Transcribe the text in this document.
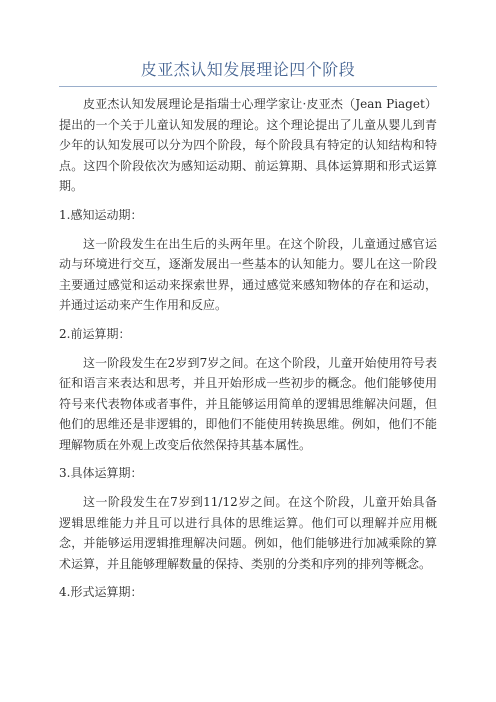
皮亚杰认知发展理论四个阶段

皮亚杰认知发展理论是指瑞士心理学家让·皮亚杰（Jean Piaget）提出的一个关于儿童认知发展的理论。这个理论提出了儿童从婴儿到青少年的认知发展可以分为四个阶段，每个阶段具有特定的认知结构和特点。这四个阶段依次为感知运动期、前运算期、具体运算期和形式运算期。

1.感知运动期：

这一阶段发生在出生后的头两年里。在这个阶段，儿童通过感官运动与环境进行交互，逐渐发展出一些基本的认知能力。婴儿在这一阶段主要通过感觉和运动来探索世界，通过感觉来感知物体的存在和运动，并通过运动来产生作用和反应。

2.前运算期：

这一阶段发生在2岁到7岁之间。在这个阶段，儿童开始使用符号表征和语言来表达和思考，并且开始形成一些初步的概念。他们能够使用符号来代表物体或者事件，并且能够运用简单的逻辑思维解决问题，但他们的思维还是非逻辑的，即他们不能使用转换思维。例如，他们不能理解物质在外观上改变后依然保持其基本属性。

3.具体运算期：

这一阶段发生在7岁到11/12岁之间。在这个阶段，儿童开始具备逻辑思维能力并且可以进行具体的思维运算。他们可以理解并应用概念，并能够运用逻辑推理解决问题。例如，他们能够进行加减乘除的算术运算，并且能够理解数量的保持、类别的分类和序列的排列等概念。

4.形式运算期：
